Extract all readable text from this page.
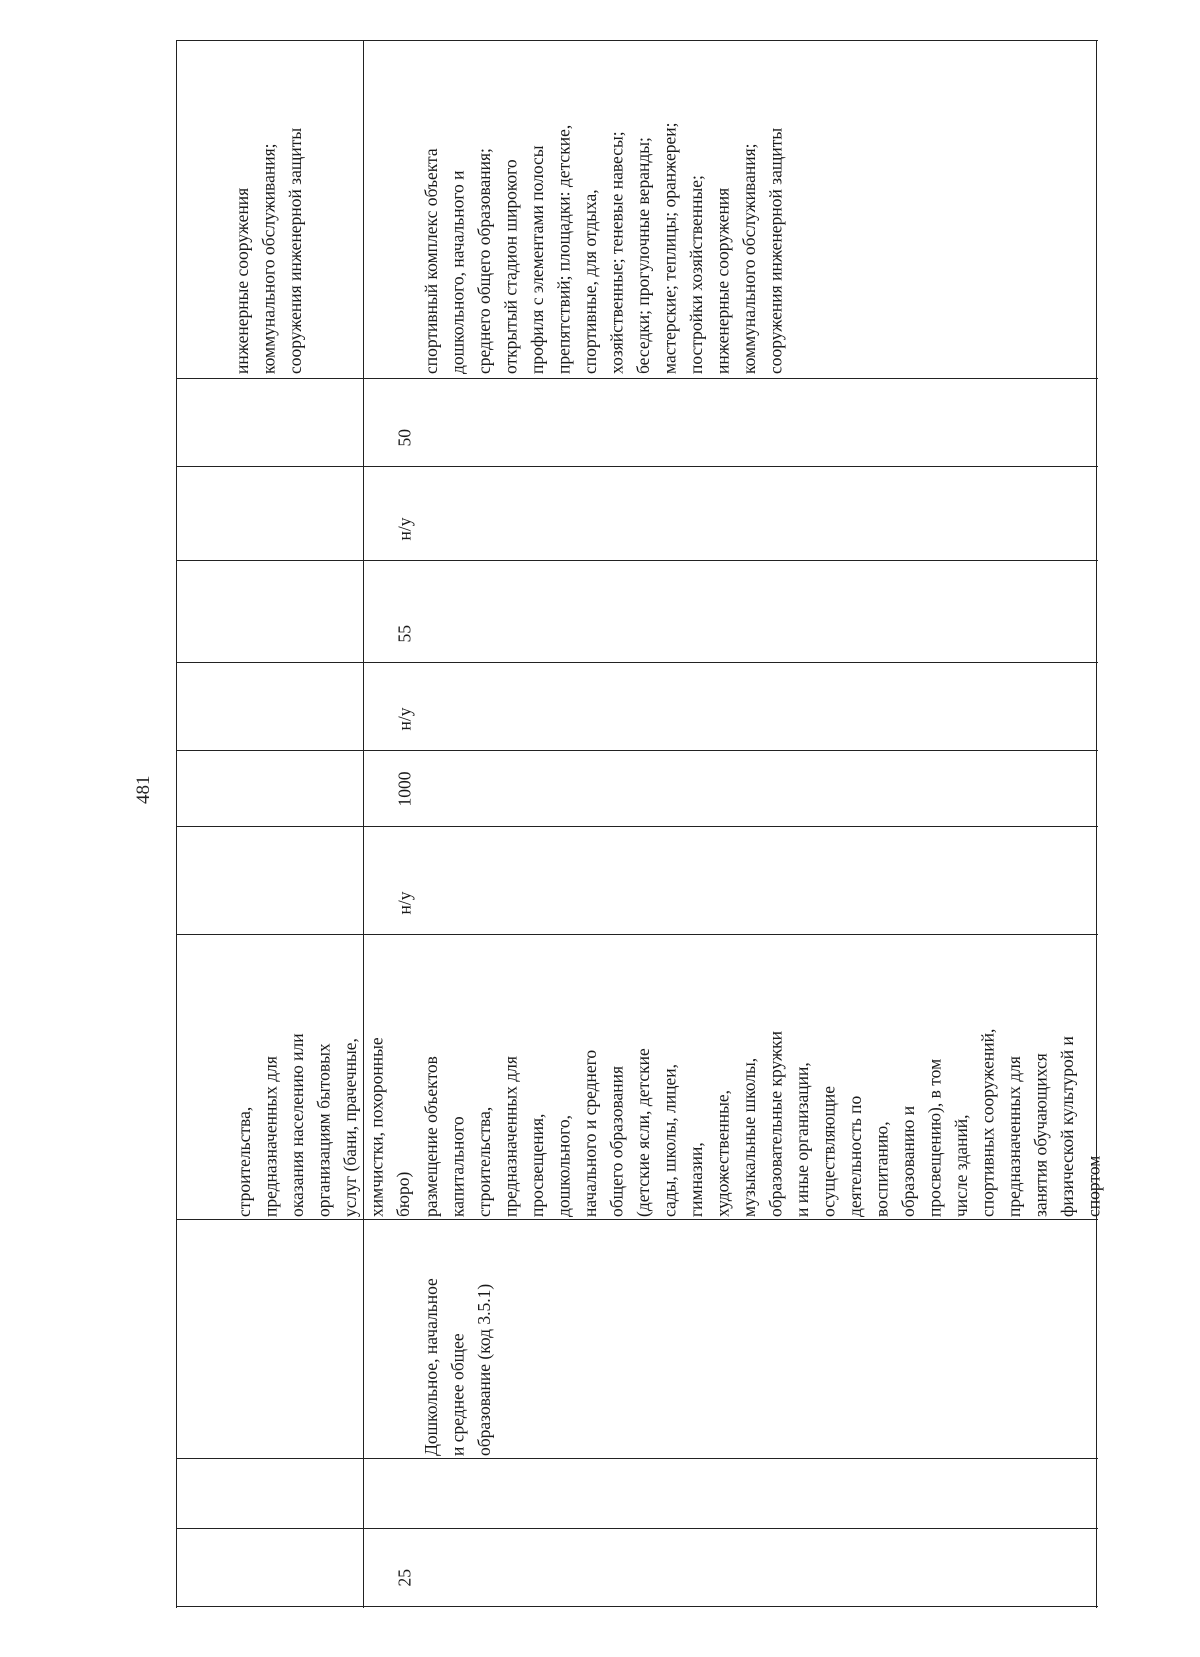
481

строительства, предназначенных для оказания населению или организациям бытовых услуг (бани, прачечные, химчистки, похоронные бюро)

инженерные сооружения коммунального обслуживания; сооружения инженерной защиты

25

Дошкольное, начальное и среднее общее образование (код 3.5.1)

размещение объектов капитального строительства, предназначенных для просвещения, дошкольного, начального и среднего общего образования (детские ясли, детские сады, школы, лицеи, гимназии, художественные, музыкальные школы, образовательные кружки и иные организации, осуществляющие деятельность по воспитанию, образованию и просвещению), в том числе зданий, спортивных сооружений, предназначенных для занятия обучающихся физической культурой и спортом

н/у

1000

н/у

55

н/у

50

спортивный комплекс объекта дошкольного, начального и среднего общего образования; открытый стадион широкого профиля с элементами полосы препятствий; площадки: детские, спортивные, для отдыха, хозяйственные; теневые навесы; беседки; прогулочные веранды; мастерские; теплицы; оранжереи; постройки хозяйственные; инженерные сооружения коммунального обслуживания; сооружения инженерной защиты
